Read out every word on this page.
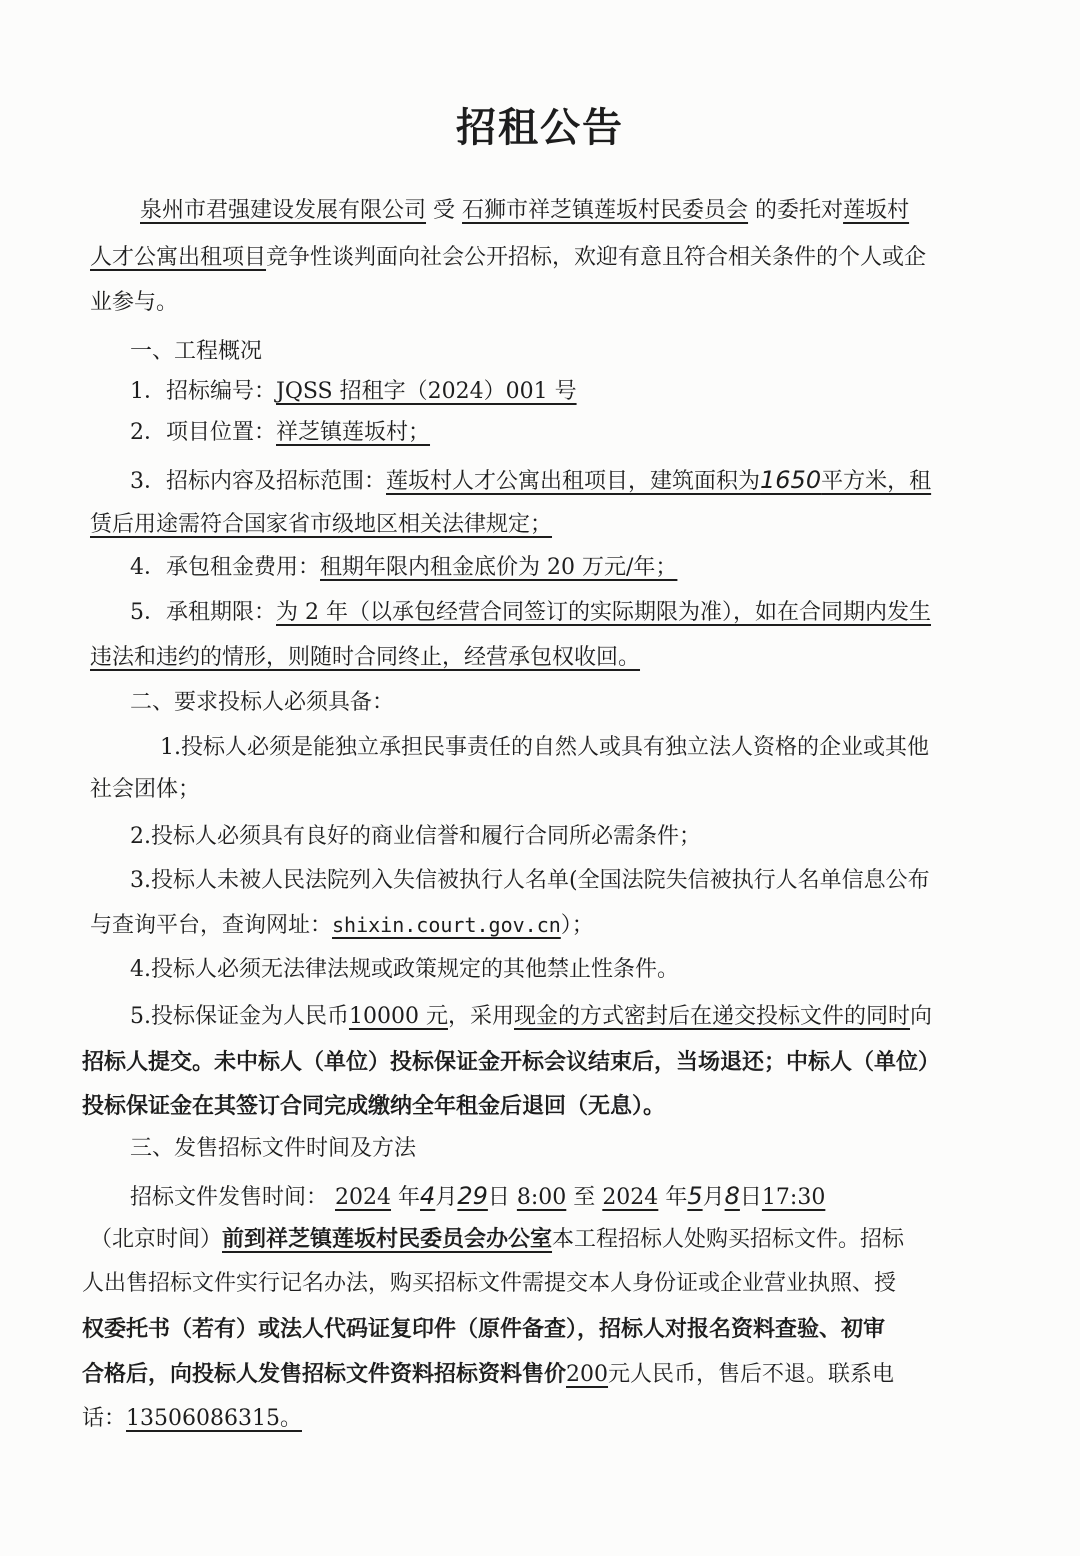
招租公告
泉州市君强建设发展有限公司 受 石狮市祥芝镇莲坂村民委员会 的委托对莲坂村
人才公寓出租项目竞争性谈判面向社会公开招标，欢迎有意且符合相关条件的个人或企
业参与。
一、工程概况
1．招标编号：JQSS 招租字（2024）001 号
2．项目位置：祥芝镇莲坂村；
3．招标内容及招标范围：莲坂村人才公寓出租项目，建筑面积为1650平方米，租
赁后用途需符合国家省市级地区相关法律规定；
4．承包租金费用：租期年限内租金底价为 20 万元/年；
5．承租期限：为 2 年（以承包经营合同签订的实际期限为准），如在合同期内发生
违法和违约的情形，则随时合同终止，经营承包权收回。
二、要求投标人必须具备：
1.投标人必须是能独立承担民事责任的自然人或具有独立法人资格的企业或其他
社会团体；
2.投标人必须具有良好的商业信誉和履行合同所必需条件；
3.投标人未被人民法院列入失信被执行人名单(全国法院失信被执行人名单信息公布
与查询平台，查询网址：shixin.court.gov.cn）；
4.投标人必须无法律法规或政策规定的其他禁止性条件。
5.投标保证金为人民币10000 元，采用现金的方式密封后在递交投标文件的同时向
招标人提交。未中标人（单位）投标保证金开标会议结束后，当场退还；中标人（单位）
投标保证金在其签订合同完成缴纳全年租金后退回（无息）。
三、发售招标文件时间及方法
招标文件发售时间： 2024 年4月29日 8:00 至 2024 年5月8日17:30
（北京时间）前到祥芝镇莲坂村民委员会办公室本工程招标人处购买招标文件。招标
人出售招标文件实行记名办法，购买招标文件需提交本人身份证或企业营业执照、授
权委托书（若有）或法人代码证复印件（原件备查），招标人对报名资料查验、初审
合格后，向投标人发售招标文件资料招标资料售价200元人民币，售后不退。联系电
话：13506086315。
